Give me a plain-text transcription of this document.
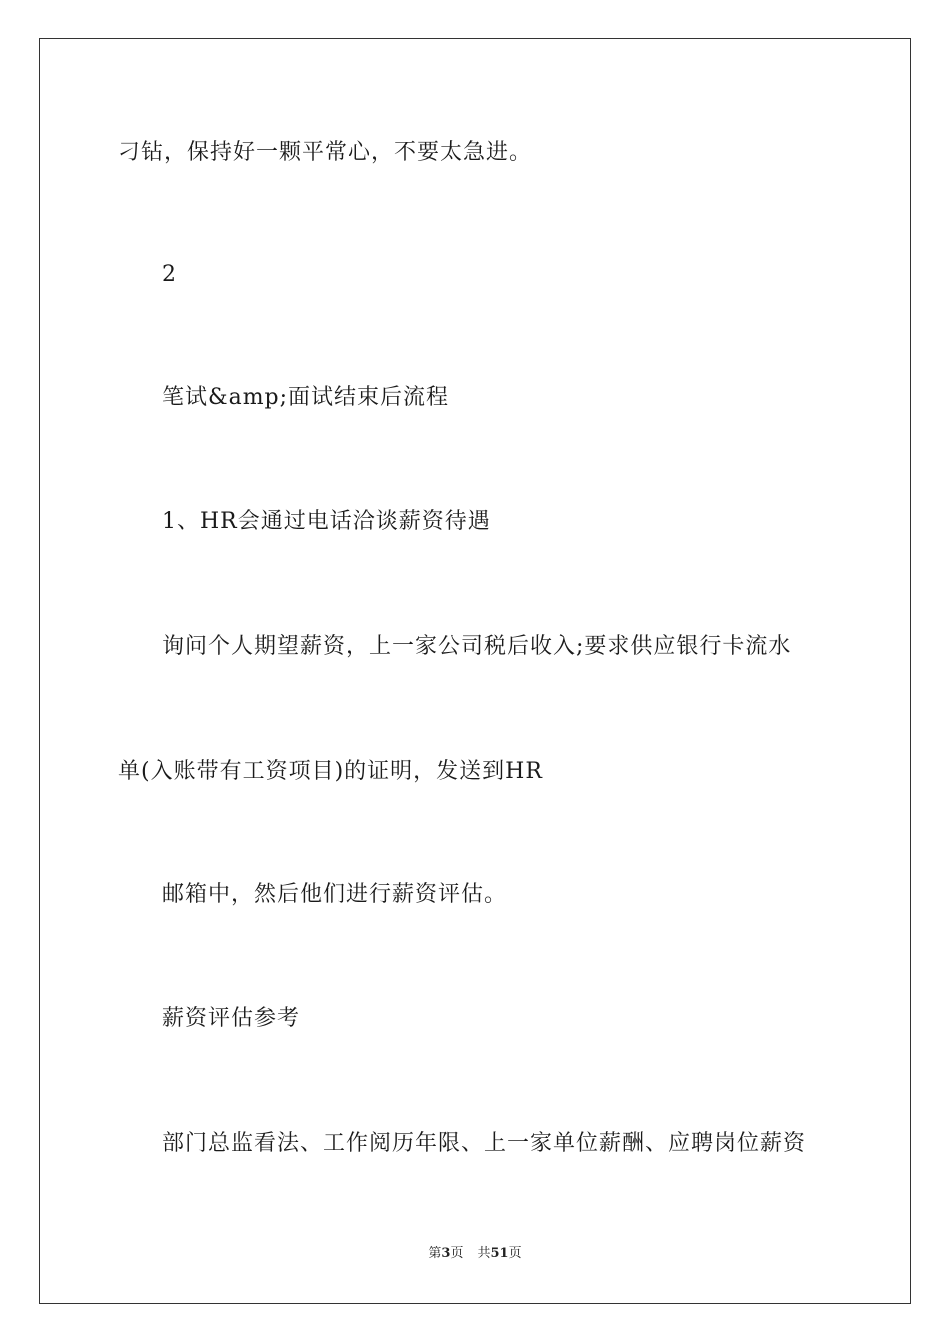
刁钻，保持好一颗平常心，不要太急进。
2
笔试&amp;面试结束后流程
1、HR会通过电话洽谈薪资待遇
询问个人期望薪资，上一家公司税后收入;要求供应银行卡流水
单(入账带有工资项目)的证明，发送到HR
邮箱中，然后他们进行薪资评估。
薪资评估参考
部门总监看法、工作阅历年限、上一家单位薪酬、应聘岗位薪资
第3页 共51页
